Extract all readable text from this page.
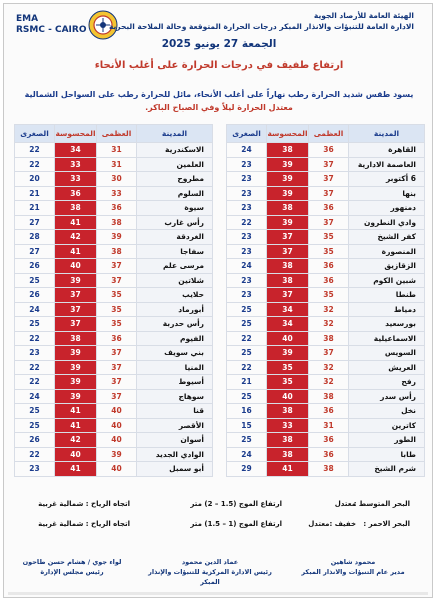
EMA
RSMC - CAIRO
الهيئة العامة للأرصاد الجوية
الادارة العامة للتنبؤات والانذار المبكر درجات الحرارة المتوقعة وحالة الملاحة البحرية
الجمعة 27 يونيو 2025
ارتفاع طفيف في درجات الحرارة على أغلب الأنحاء
يسود طقس شديد الحرارة رطب نهاراً على أغلب الأنحاء، مائل للحرارة رطب على السواحل الشمالية
معتدل الحرارة ليلاً وفي الصباح الباكر.
المدينة	العظمى	المحسوسة	الصغرى
القاهرة	36	38	24
العاصمة الادارية	37	39	23
6 أكتوبر	37	39	23
بنها	37	39	23
دمنهور	36	38	23
وادي النطرون	37	39	22
كفر الشيخ	35	37	23
المنصورة	35	37	23
الزقازيق	36	38	24
شبين الكوم	36	38	23
طنطا	35	37	23
دمياط	32	34	25
بورسعيد	32	34	25
الاسماعيلية	38	40	22
السويس	37	39	25
العريش	32	35	22
رفح	32	35	21
رأس سدر	38	40	25
نخل	36	38	16
كاترين	31	33	15
الطور	36	38	25
طابا	36	38	24
شرم الشيخ	38	41	29
المدينة	العظمى	المحسوسة	الصغرى
الاسكندرية	31	34	22
العلمين	31	33	22
مطروح	30	33	20
السلوم	33	36	21
سيوة	36	38	21
رأس غارب	38	41	27
الغردقة	39	42	28
سفاجا	38	41	27
مرسى علم	37	40	26
شلاتين	37	39	25
حلايب	35	37	26
أبورماد	35	37	24
رأس حدربة	35	37	25
الفيوم	36	38	22
بني سويف	37	39	23
المنيا	37	39	22
أسيوط	37	39	22
سوهاج	37	39	24
قنا	40	41	25
الأقصر	40	41	25
أسوان	40	42	26
الوادي الجديد	39	40	22
أبو سمبل	40	41	23
البحر المتوسط :
معتدل
ارتفاع الموج (1.5 – 2) متر
اتجاه الرياح : شمالية غربية
البحر الاحمر :
خفيف :معتدل
ارتفاع الموج (1 – 1.5) متر
اتجاه الرياح : شمالية غربية
محمود شاهين
مدير عام التنبؤات والانذار المبكر
عماد الدين محمود
رئيس الادارة المركزية للتنبؤات والإنذار المبكر
لواء جوي / هشام حسن طاحون
رئيس مجلس الإدارة
